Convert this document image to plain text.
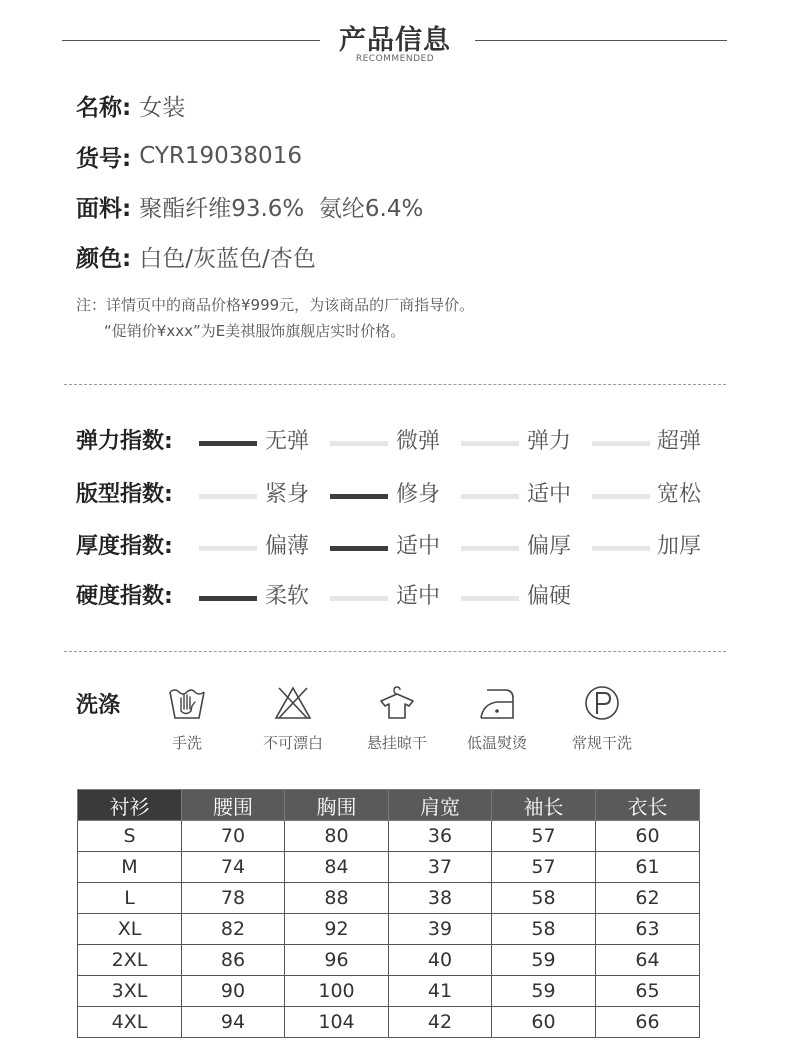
产品信息
RECOMMENDED
名称: 女装
货号: CYR19038016
面料: 聚酯纤维93.6%  氨纶6.4%
颜色: 白色/灰蓝色/杏色
注：详情页中的商品价格¥999元，为该商品的厂商指导价。
“促销价¥xxx”为E美祺服饰旗舰店实时价格。
弹力指数:	无弹	微弹	弹力	超弹
版型指数:	紧身	修身	适中	宽松
厚度指数:	偏薄	适中	偏厚	加厚
硬度指数:	柔软	适中	偏硬
洗涤
手洗	不可漂白	悬挂晾干	低温熨烫	常规干洗
衬衫	腰围	胸围	肩宽	袖长	衣长
S	70	80	36	57	60
M	74	84	37	57	61
L	78	88	38	58	62
XL	82	92	39	58	63
2XL	86	96	40	59	64
3XL	90	100	41	59	65
4XL	94	104	42	60	66
